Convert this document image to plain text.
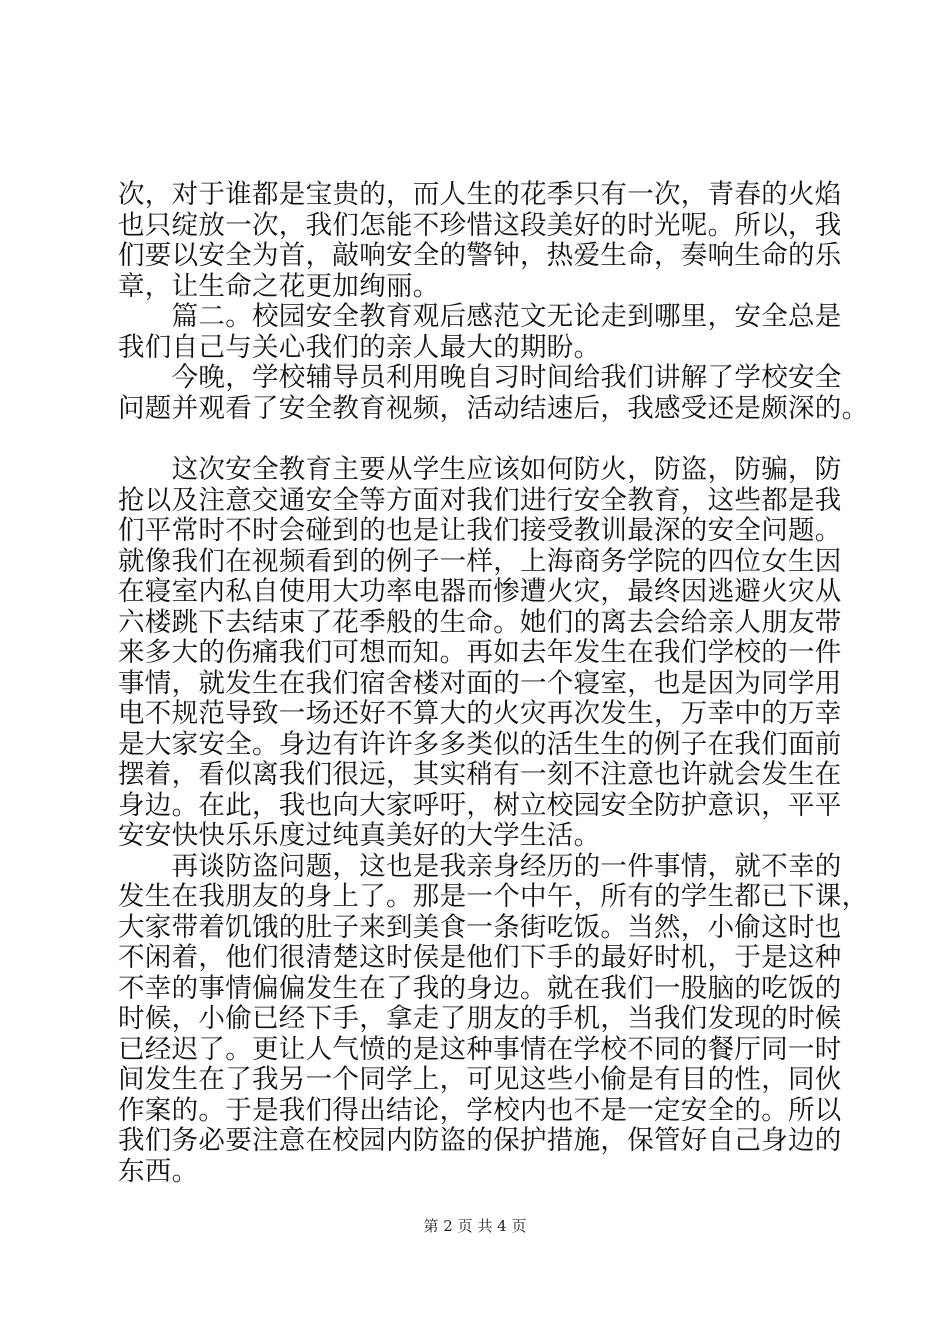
次，对于谁都是宝贵的，而人生的花季只有一次，青春的火焰
也只绽放一次，我们怎能不珍惜这段美好的时光呢。所以，我
们要以安全为首，敲响安全的警钟，热爱生命，奏响生命的乐
章，让生命之花更加绚丽。
　　篇二。校园安全教育观后感范文无论走到哪里，安全总是
我们自己与关心我们的亲人最大的期盼。
　　今晚，学校辅导员利用晚自习时间给我们讲解了学校安全
问题并观看了安全教育视频，活动结速后，我感受还是颇深的。
　　这次安全教育主要从学生应该如何防火，防盗，防骗，防
抢以及注意交通安全等方面对我们进行安全教育，这些都是我
们平常时不时会碰到的也是让我们接受教训最深的安全问题。
就像我们在视频看到的例子一样，上海商务学院的四位女生因
在寝室内私自使用大功率电器而惨遭火灾，最终因逃避火灾从
六楼跳下去结束了花季般的生命。她们的离去会给亲人朋友带
来多大的伤痛我们可想而知。再如去年发生在我们学校的一件
事情，就发生在我们宿舍楼对面的一个寝室，也是因为同学用
电不规范导致一场还好不算大的火灾再次发生，万幸中的万幸
是大家安全。身边有许许多多类似的活生生的例子在我们面前
摆着，看似离我们很远，其实稍有一刻不注意也许就会发生在
身边。在此，我也向大家呼吁，树立校园安全防护意识，平平
安安快快乐乐度过纯真美好的大学生活。
　　再谈防盗问题，这也是我亲身经历的一件事情，就不幸的
发生在我朋友的身上了。那是一个中午，所有的学生都已下课，
大家带着饥饿的肚子来到美食一条街吃饭。当然，小偷这时也
不闲着，他们很清楚这时侯是他们下手的最好时机，于是这种
不幸的事情偏偏发生在了我的身边。就在我们一股脑的吃饭的
时候，小偷已经下手，拿走了朋友的手机，当我们发现的时候
已经迟了。更让人气愤的是这种事情在学校不同的餐厅同一时
间发生在了我另一个同学上，可见这些小偷是有目的性，同伙
作案的。于是我们得出结论，学校内也不是一定安全的。所以
我们务必要注意在校园内防盗的保护措施，保管好自己身边的
东西。
第 2 页 共 4 页
